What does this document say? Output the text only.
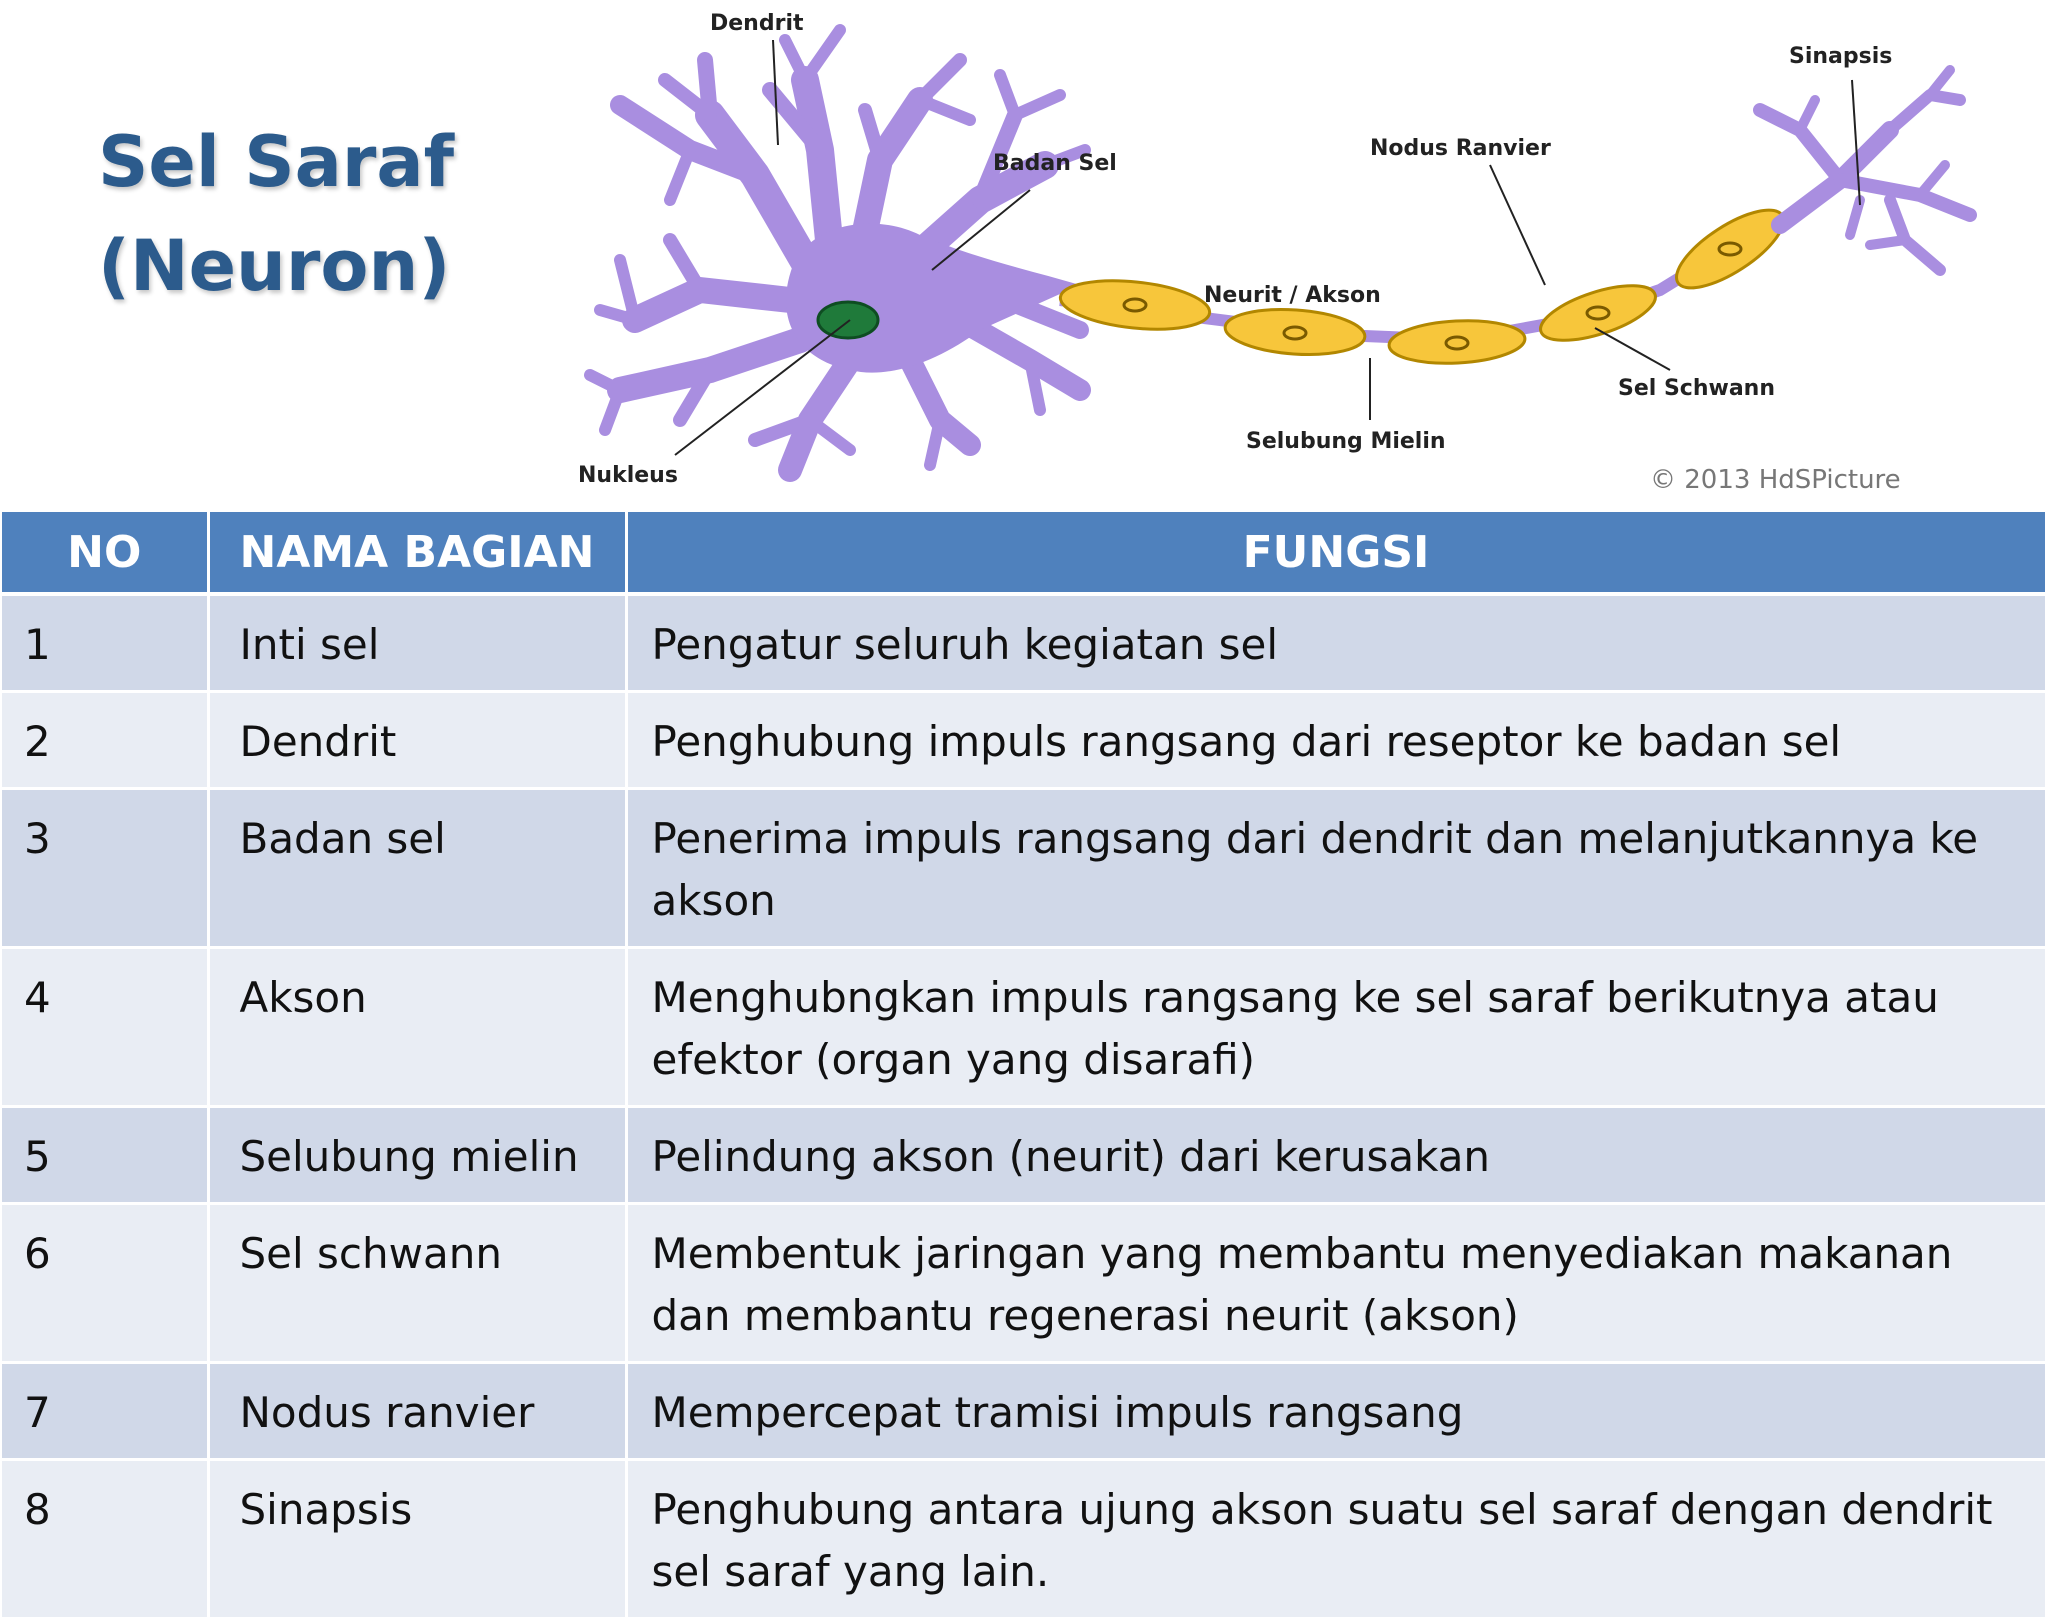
Sel Saraf
(Neuron)
Dendrit
Badan Sel
Nukleus
Neurit / Akson
Nodus Ranvier
Sinapsis
Sel Schwann
Selubung Mielin
© 2013 HdSPicture
NO	NAMA BAGIAN	FUNGSI
1	Inti sel	Pengatur seluruh kegiatan sel
2	Dendrit	Penghubung impuls rangsang dari reseptor ke badan sel
3	Badan sel	Penerima impuls rangsang dari dendrit dan melanjutkannya ke akson
4	Akson	Menghubngkan impuls rangsang ke sel saraf berikutnya atau efektor (organ yang disarafi)
5	Selubung mielin	Pelindung akson (neurit) dari kerusakan
6	Sel schwann	Membentuk jaringan yang membantu menyediakan makanan dan membantu regenerasi neurit (akson)
7	Nodus ranvier	Mempercepat tramisi impuls rangsang
8	Sinapsis	Penghubung antara ujung akson suatu sel saraf dengan dendrit sel saraf yang lain.
